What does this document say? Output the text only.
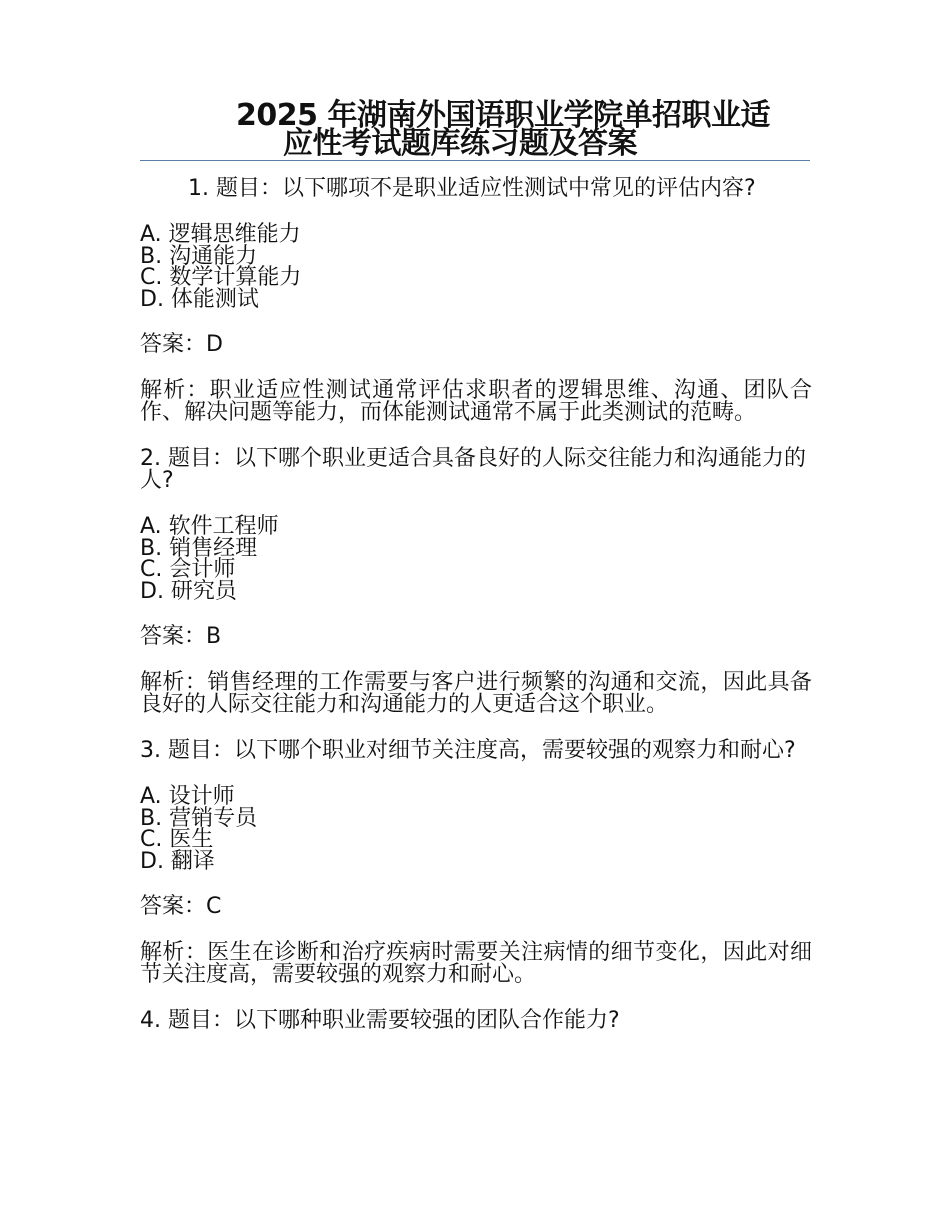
2025 年湖南外国语职业学院单招职业适
应性考试题库练习题及答案

1. 题目：以下哪项不是职业适应性测试中常见的评估内容?

A. 逻辑思维能力
B. 沟通能力
C. 数学计算能力
D. 体能测试
答案：D
解析：职业适应性测试通常评估求职者的逻辑思维、沟通、团队合作、解决问题等能力，而体能测试通常不属于此类测试的范畴。

2. 题目：以下哪个职业更适合具备良好的人际交往能力和沟通能力的人?

A. 软件工程师
B. 销售经理
C. 会计师
D. 研究员
答案：B
解析：销售经理的工作需要与客户进行频繁的沟通和交流，因此具备良好的人际交往能力和沟通能力的人更适合这个职业。

3. 题目：以下哪个职业对细节关注度高，需要较强的观察力和耐心?

A. 设计师
B. 营销专员
C. 医生
D. 翻译
答案：C
解析：医生在诊断和治疗疾病时需要关注病情的细节变化，因此对细节关注度高，需要较强的观察力和耐心。

4. 题目：以下哪种职业需要较强的团队合作能力?
